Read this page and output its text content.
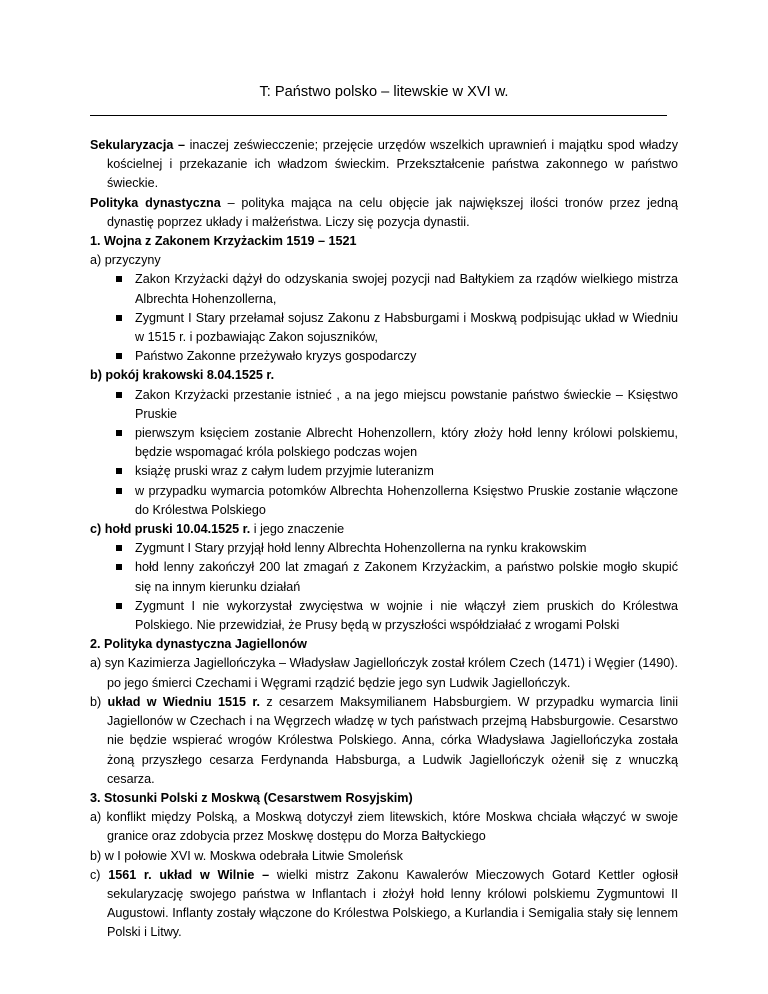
T: Państwo polsko – litewskie w XVI w.

Sekularyzacja – inaczej zeświecczenie; przejęcie urzędów wszelkich uprawnień i majątku spod władzy kościelnej i przekazanie ich władzom świeckim. Przekształcenie państwa zakonnego w państwo świeckie.

Polityka dynastyczna – polityka mająca na celu objęcie jak największej ilości tronów przez jedną dynastię poprzez układy i małżeństwa. Liczy się pozycja dynastii.

1. Wojna z Zakonem Krzyżackim 1519 – 1521

a) przyczyny

Zakon Krzyżacki dążył do odzyskania swojej pozycji nad Bałtykiem za rządów wielkiego mistrza Albrechta Hohenzollerna,
Zygmunt I Stary przełamał sojusz Zakonu z Habsburgami i Moskwą podpisując układ w Wiedniu w 1515 r. i pozbawiając Zakon sojuszników,
Państwo Zakonne przeżywało kryzys gospodarczy

b) pokój krakowski 8.04.1525 r.

Zakon Krzyżacki przestanie istnieć , a na jego miejscu powstanie państwo świeckie – Księstwo Pruskie
pierwszym księciem zostanie Albrecht Hohenzollern, który złoży hołd lenny królowi polskiemu, będzie wspomagać króla polskiego podczas wojen
książę pruski wraz z całym ludem przyjmie luteranizm
w przypadku wymarcia potomków Albrechta Hohenzollerna Księstwo Pruskie zostanie włączone do Królestwa Polskiego

c) hołd pruski 10.04.1525 r. i jego znaczenie

Zygmunt I Stary przyjął hołd lenny Albrechta Hohenzollerna na rynku krakowskim
hołd lenny zakończył 200 lat zmagań z Zakonem Krzyżackim, a państwo polskie mogło skupić się na innym kierunku działań
Zygmunt I nie wykorzystał zwycięstwa w wojnie i nie włączył ziem pruskich do Królestwa Polskiego. Nie przewidział, że Prusy będą w przyszłości współdziałać z wrogami Polski

2. Polityka dynastyczna Jagiellonów

a) syn Kazimierza Jagiellończyka – Władysław Jagiellończyk został królem Czech (1471) i Węgier (1490). po jego śmierci Czechami i Węgrami rządzić będzie jego syn Ludwik Jagiellończyk.

b) układ w Wiedniu 1515 r. z cesarzem Maksymilianem Habsburgiem. W przypadku wymarcia linii Jagiellonów w Czechach i na Węgrzech władzę w tych państwach przejmą Habsburgowie. Cesarstwo nie będzie wspierać wrogów Królestwa Polskiego. Anna, córka Władysława Jagiellończyka została żoną przyszłego cesarza Ferdynanda Habsburga, a Ludwik Jagiellończyk ożenił się z wnuczką cesarza.

3. Stosunki Polski z Moskwą (Cesarstwem Rosyjskim)

a) konflikt między Polską, a Moskwą dotyczył ziem litewskich, które Moskwa chciała włączyć w swoje granice oraz zdobycia przez Moskwę dostępu do Morza Bałtyckiego

b) w I połowie XVI w. Moskwa odebrała Litwie Smoleńsk

c) 1561 r. układ w Wilnie – wielki mistrz Zakonu Kawalerów Mieczowych Gotard Kettler ogłosił sekularyzację swojego państwa w Inflantach i złożył hołd lenny królowi polskiemu Zygmuntowi II Augustowi. Inflanty zostały włączone do Królestwa Polskiego, a Kurlandia i Semigalia stały się lennem Polski i Litwy.
